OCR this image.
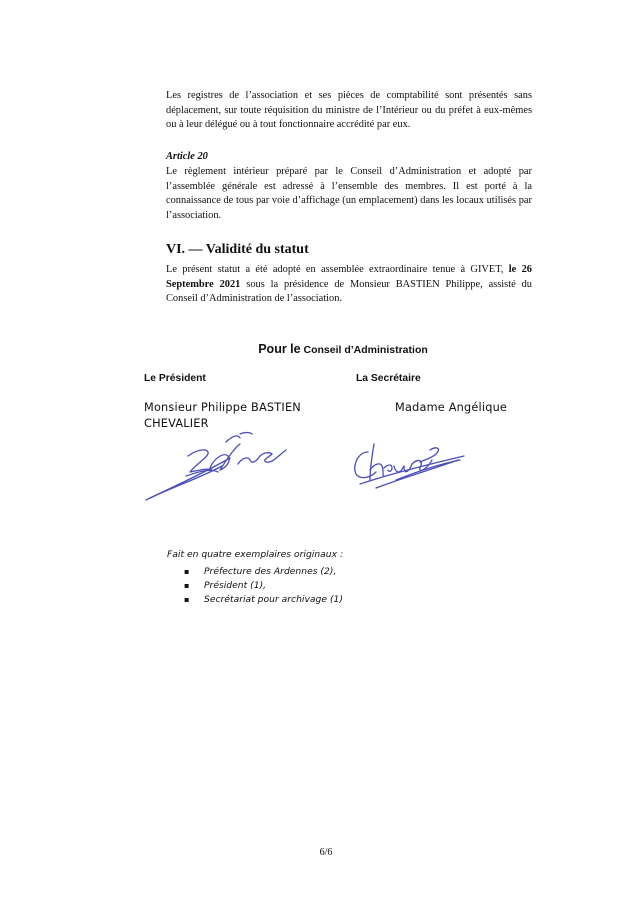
Les registres de l’association et ses pièces de comptabilité sont présentés sans déplacement, sur toute réquisition du ministre de l’Intérieur ou du préfet à eux-mêmes ou à leur délégué ou à tout fonctionnaire accrédité par eux.

Article 20

Le règlement intérieur préparé par le Conseil d’Administration et adopté par l’assemblée générale est adressé à l’ensemble des membres. Il est porté à la connaissance de tous par voie d’affichage (un emplacement) dans les locaux utilisés par l’association.

VI. — Validité du statut

Le présent statut a été adopté en assemblée extraordinaire tenue à GIVET, le 26 Septembre 2021 sous la présidence de Monsieur BASTIEN Philippe, assisté du Conseil d’Administration de l’association.

Pour le Conseil d’Administration

Le Président	La Secrétaire

Monsieur Philippe BASTIEN
CHEVALIER

Madame Angélique

Fait en quatre exemplaires originaux :

▪ Préfecture des Ardennes (2),
▪ Président (1),
▪ Secrétariat pour archivage (1)

6/6
